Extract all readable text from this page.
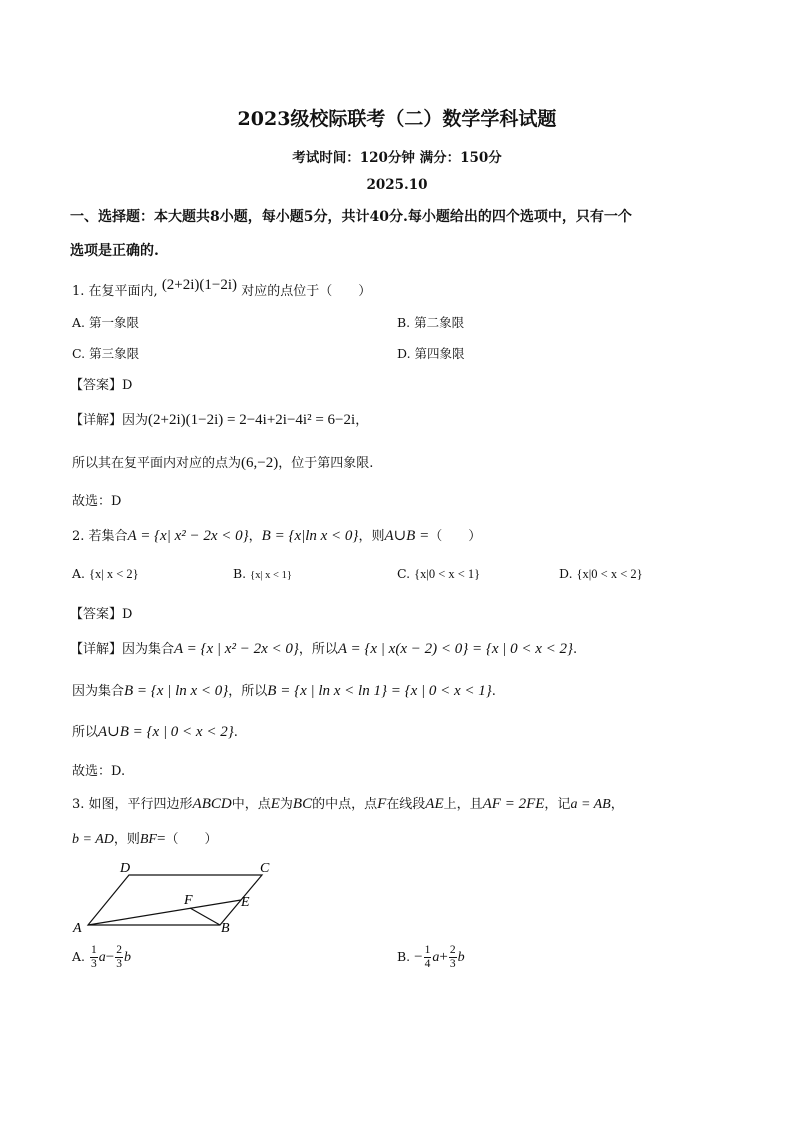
2023级校际联考（二）数学学科试题
考试时间：120分钟 满分：150分
2025.10
一、选择题：本大题共8小题，每小题5分，共计40分.每小题给出的四个选项中，只有一个
选项是正确的.
1. 在复平面内, (2+2i)(1−2i) 对应的点位于（　　）
A. 第一象限	B. 第二象限
C. 第三象限	D. 第四象限
【答案】D
【详解】因为(2+2i)(1−2i) = 2−4i+2i−4i² = 6−2i，
所以其在复平面内对应的点为(6,−2)，位于第四象限.
故选：D
2. 若集合A = {x| x² − 2x < 0}，B = {x|ln x < 0}，则A∪B =（　　）
A. {x| x < 2}	B. {x| x < 1}	C. {x|0 < x < 1}	D. {x|0 < x < 2}
【答案】D
【详解】因为集合A = {x | x² − 2x < 0}，所以A = {x | x(x − 2) < 0} = {x | 0 < x < 2}.
因为集合B = {x | ln x < 0}，所以B = {x | ln x < ln 1} = {x | 0 < x < 1}.
所以A∪B = {x | 0 < x < 2}.
故选：D.
3. 如图，平行四边形ABCD中，点E为BC的中点，点F在线段AE上，且AF = 2FE，记a = AB，
b = AD，则BF=（　　）
D	C
A	B
E
F
A. $\frac{1}{3} a- \frac{2}{3}$ b	B. − $\frac{1}{4} a+ \frac{2}{3}$ b
